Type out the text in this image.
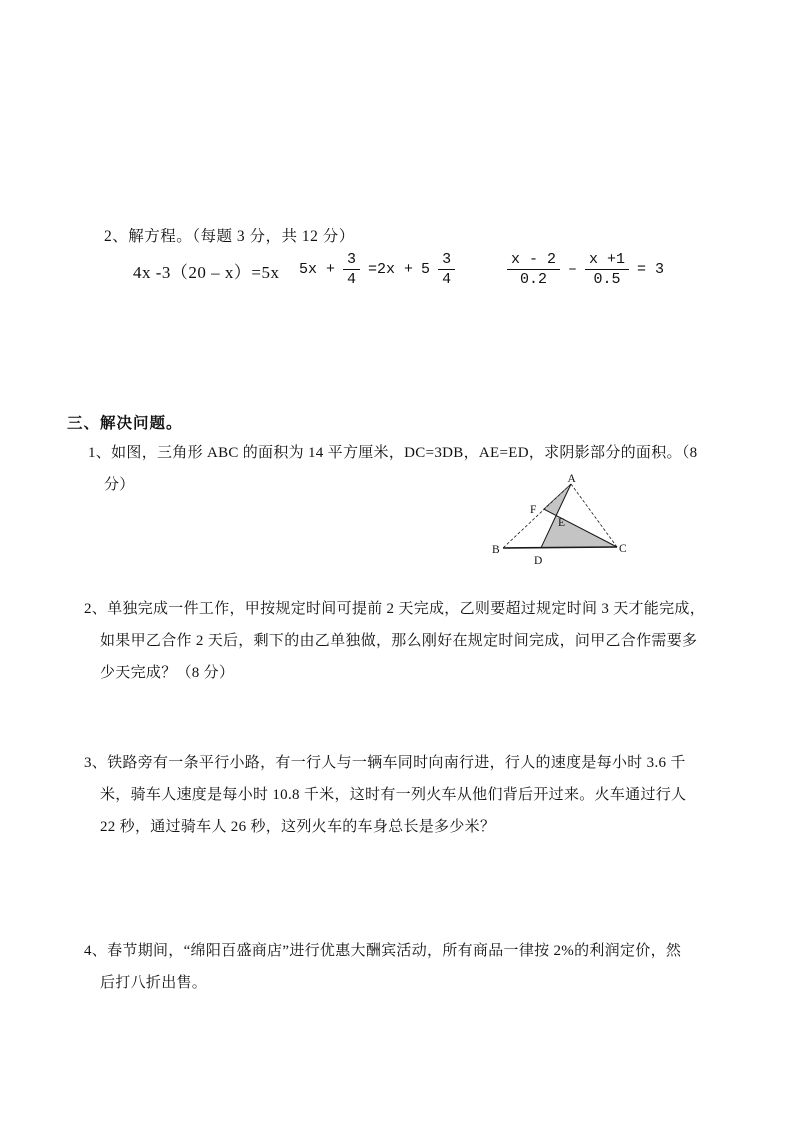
2、解方程。（每题 3 分，共 12 分）
4x -3（20 – x）=5x $5x + \frac{3}{4} =2x + 5 \frac{3}{4}$	$\frac{x - 2}{0.2} - \frac{x +1}{0.5} = 3$
三、解决问题。
1、如图，三角形 ABC 的面积为 14 平方厘米，DC=3DB，AE=ED，求阴影部分的面积。（8
分）	A
B	C
D
E
F
2、单独完成一件工作，甲按规定时间可提前 2 天完成，乙则要超过规定时间 3 天才能完成，
如果甲乙合作 2 天后，剩下的由乙单独做，那么刚好在规定时间完成，问甲乙合作需要多
少天完成？（8 分）
3、铁路旁有一条平行小路，有一行人与一辆车同时向南行进，行人的速度是每小时 3.6 千
米，骑车人速度是每小时 10.8 千米，这时有一列火车从他们背后开过来。火车通过行人
22 秒，通过骑车人 26 秒，这列火车的车身总长是多少米？
4、春节期间，“绵阳百盛商店”进行优惠大酬宾活动，所有商品一律按 2%的利润定价，然
后打八折出售。
